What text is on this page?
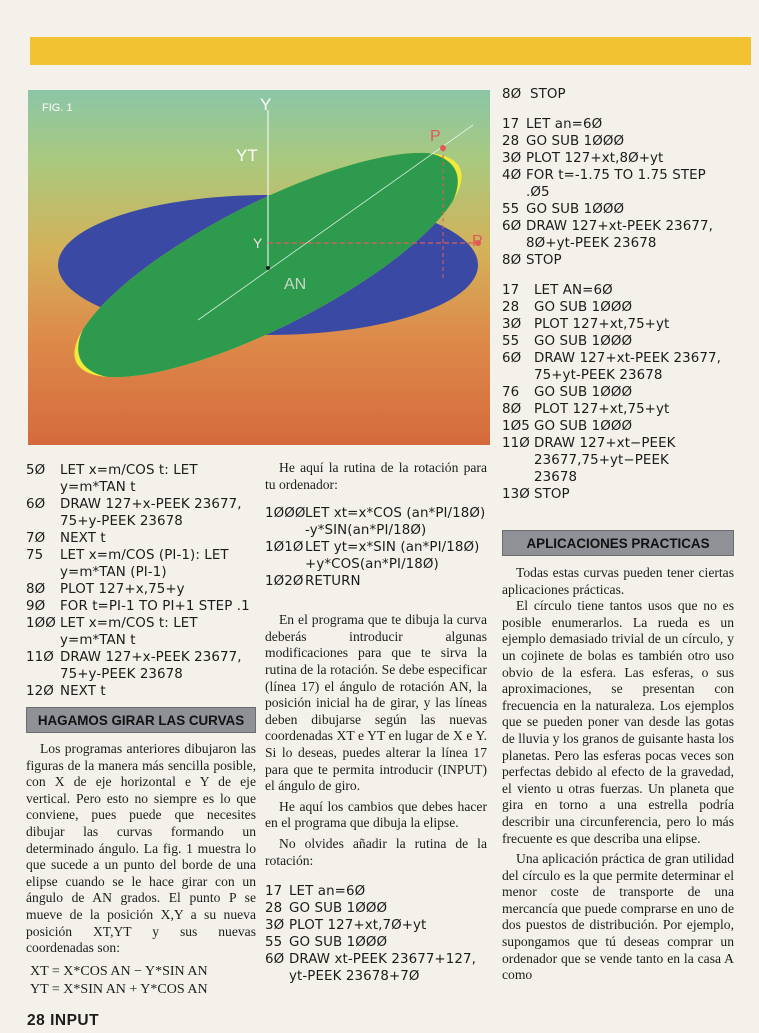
FIG. 1	Y
YT
P
P
Y
AN
5Ø	LET x=m/COS t: LET
y=m*TAN t
6Ø	DRAW 127+x-PEEK 23677,
75+y-PEEK 23678
7Ø	NEXT t
75	LET x=m/COS (PI-1): LET
y=m*TAN (PI-1)
8Ø	PLOT 127+x,75+y
9Ø	FOR t=PI-1 TO PI+1 STEP .1
1ØØ LET x=m/COS t: LET
y=m*TAN t
11Ø DRAW 127+x-PEEK 23677,
75+y-PEEK 23678
12Ø NEXT t
HAGAMOS GIRAR LAS CURVAS

Los programas anteriores dibujaron las figuras de la manera más sencilla posible, con X de eje horizontal e Y de eje vertical. Pero esto no siempre es lo que conviene, pues puede que necesites dibujar las curvas formando un determinado ángulo. La fig. 1 muestra lo que sucede a un punto del borde de una elipse cuando se le hace girar con un ángulo de AN grados. El punto P se mueve de la posición X,Y a su nueva posición XT,YT y sus nuevas coordenadas son:

XT = X*COS AN − Y*SIN AN
YT = X*SIN AN + Y*COS AN

He aquí la rutina de la rotación para tu ordenador:

1ØØØ LET xt=x*COS (an*PI/18Ø)
-y*SIN(an*PI/18Ø)
1Ø1Ø LET yt=x*SIN (an*PI/18Ø)
+y*COS(an*PI/18Ø)
1Ø2Ø RETURN

En el programa que te dibuja la curva deberás introducir algunas modificaciones para que te sirva la rutina de la rotación. Se debe especificar (línea 17) el ángulo de rotación AN, la posición inicial ha de girar, y las líneas deben dibujarse según las nuevas coordenadas XT e YT en lugar de X e Y. Si lo deseas, puedes alterar la línea 17 para que te permita introducir (INPUT) el ángulo de giro.

He aquí los cambios que debes hacer en el programa que dibuja la elipse.

No olvides añadir la rutina de la rotación:

17 LET an=6Ø
28 GO SUB 1ØØØ
3Ø PLOT 127+xt,7Ø+yt
55 GO SUB 1ØØØ
6Ø DRAW xt-PEEK 23677+127,
yt-PEEK 23678+7Ø
8Ø STOP
17 LET an=6Ø
28 GO SUB 1ØØØ
3Ø PLOT 127+xt,8Ø+yt
4Ø FOR t=-1.75 TO 1.75 STEP
.Ø5
55 GO SUB 1ØØØ
6Ø DRAW 127+xt-PEEK 23677,
8Ø+yt-PEEK 23678
8Ø STOP
17	LET AN=6Ø
28	GO SUB 1ØØØ
3Ø PLOT 127+xt,75+yt
55	GO SUB 1ØØØ
6Ø DRAW 127+xt-PEEK 23677,
75+yt-PEEK 23678
76	GO SUB 1ØØØ
8Ø PLOT 127+xt,75+yt
1Ø5 GO SUB 1ØØØ
11Ø DRAW 127+xt−PEEK
23677,75+yt−PEEK
23678
13Ø STOP
APLICACIONES PRACTICAS

Todas estas curvas pueden tener ciertas aplicaciones prácticas.

El círculo tiene tantos usos que no es posible enumerarlos. La rueda es un ejemplo demasiado trivial de un círculo, y un cojinete de bolas es también otro uso obvio de la esfera. Las esferas, o sus aproximaciones, se presentan con frecuencia en la naturaleza. Los ejemplos que se pueden poner van desde las gotas de lluvia y los granos de guisante hasta los planetas. Pero las esferas pocas veces son perfectas debido al efecto de la gravedad, el viento u otras fuerzas. Un planeta que gira en torno a una estrella podría describir una circunferencia, pero lo más frecuente es que describa una elipse.

Una aplicación práctica de gran utilidad del círculo es la que permite determinar el menor coste de transporte de una mercancía que puede comprarse en uno de dos puestos de distribución. Por ejemplo, supongamos que tú deseas comprar un ordenador que se vende tanto en la casa A como

28 INPUT
